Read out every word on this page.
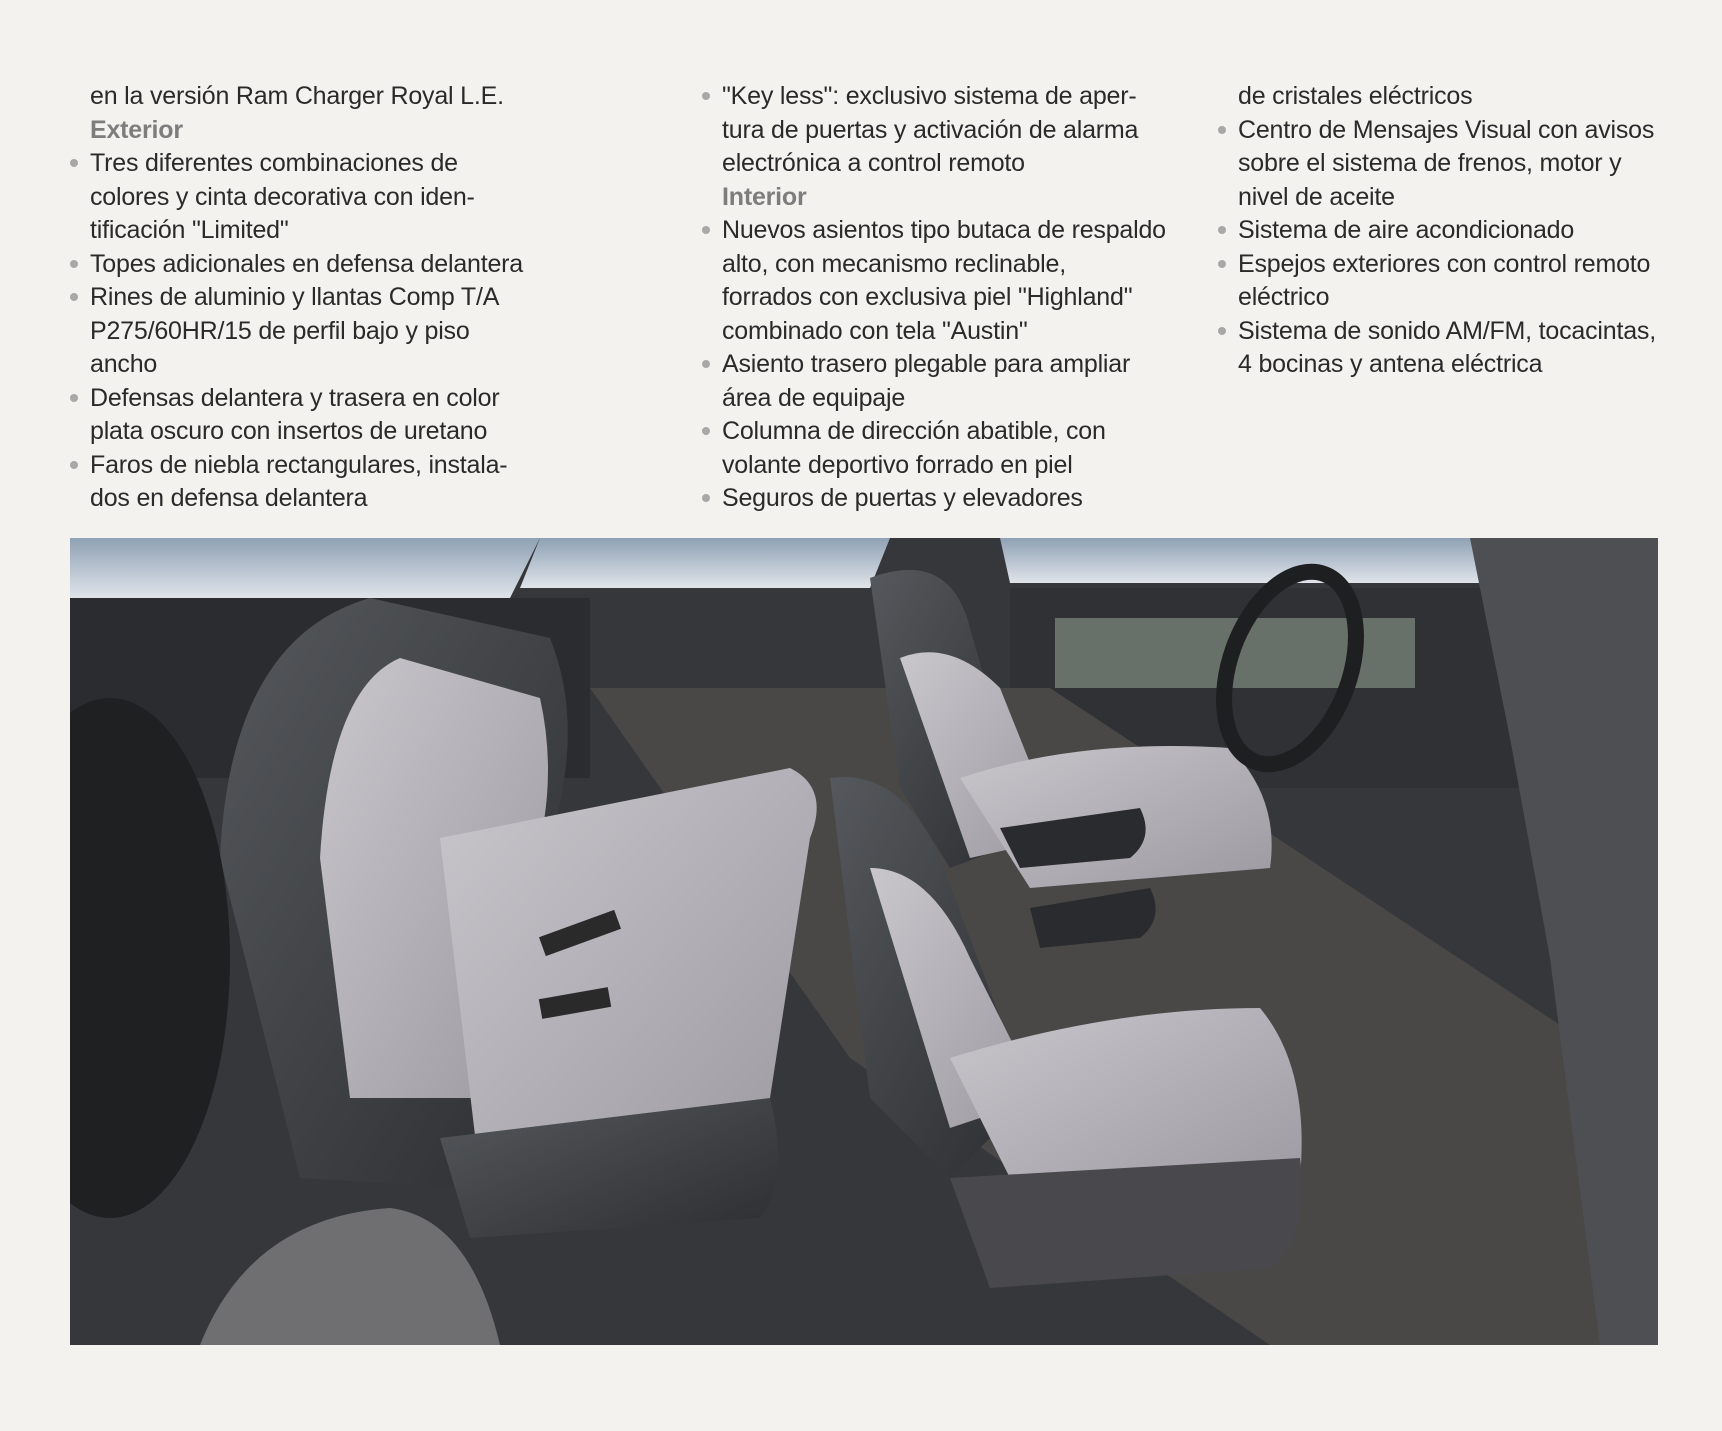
en la versión Ram Charger Royal L.E.
Exterior
Tres diferentes combinaciones de
colores y cinta decorativa con iden-
tificación "Limited"
Topes adicionales en defensa delantera
Rines de aluminio y llantas Comp T/A
P275/60HR/15 de perfil bajo y piso
ancho
Defensas delantera y trasera en color
plata oscuro con insertos de uretano
Faros de niebla rectangulares, instala-
dos en defensa delantera
"Key less": exclusivo sistema de aper-
tura de puertas y activación de alarma
electrónica a control remoto
Interior
Nuevos asientos tipo butaca de respaldo
alto, con mecanismo reclinable,
forrados con exclusiva piel "Highland"
combinado con tela "Austin"
Asiento trasero plegable para ampliar
área de equipaje
Columna de dirección abatible, con
volante deportivo forrado en piel
Seguros de puertas y elevadores
de cristales eléctricos
Centro de Mensajes Visual con avisos
sobre el sistema de frenos, motor y
nivel de aceite
Sistema de aire acondicionado
Espejos exteriores con control remoto
eléctrico
Sistema de sonido AM/FM, tocacintas,
4 bocinas y antena eléctrica
